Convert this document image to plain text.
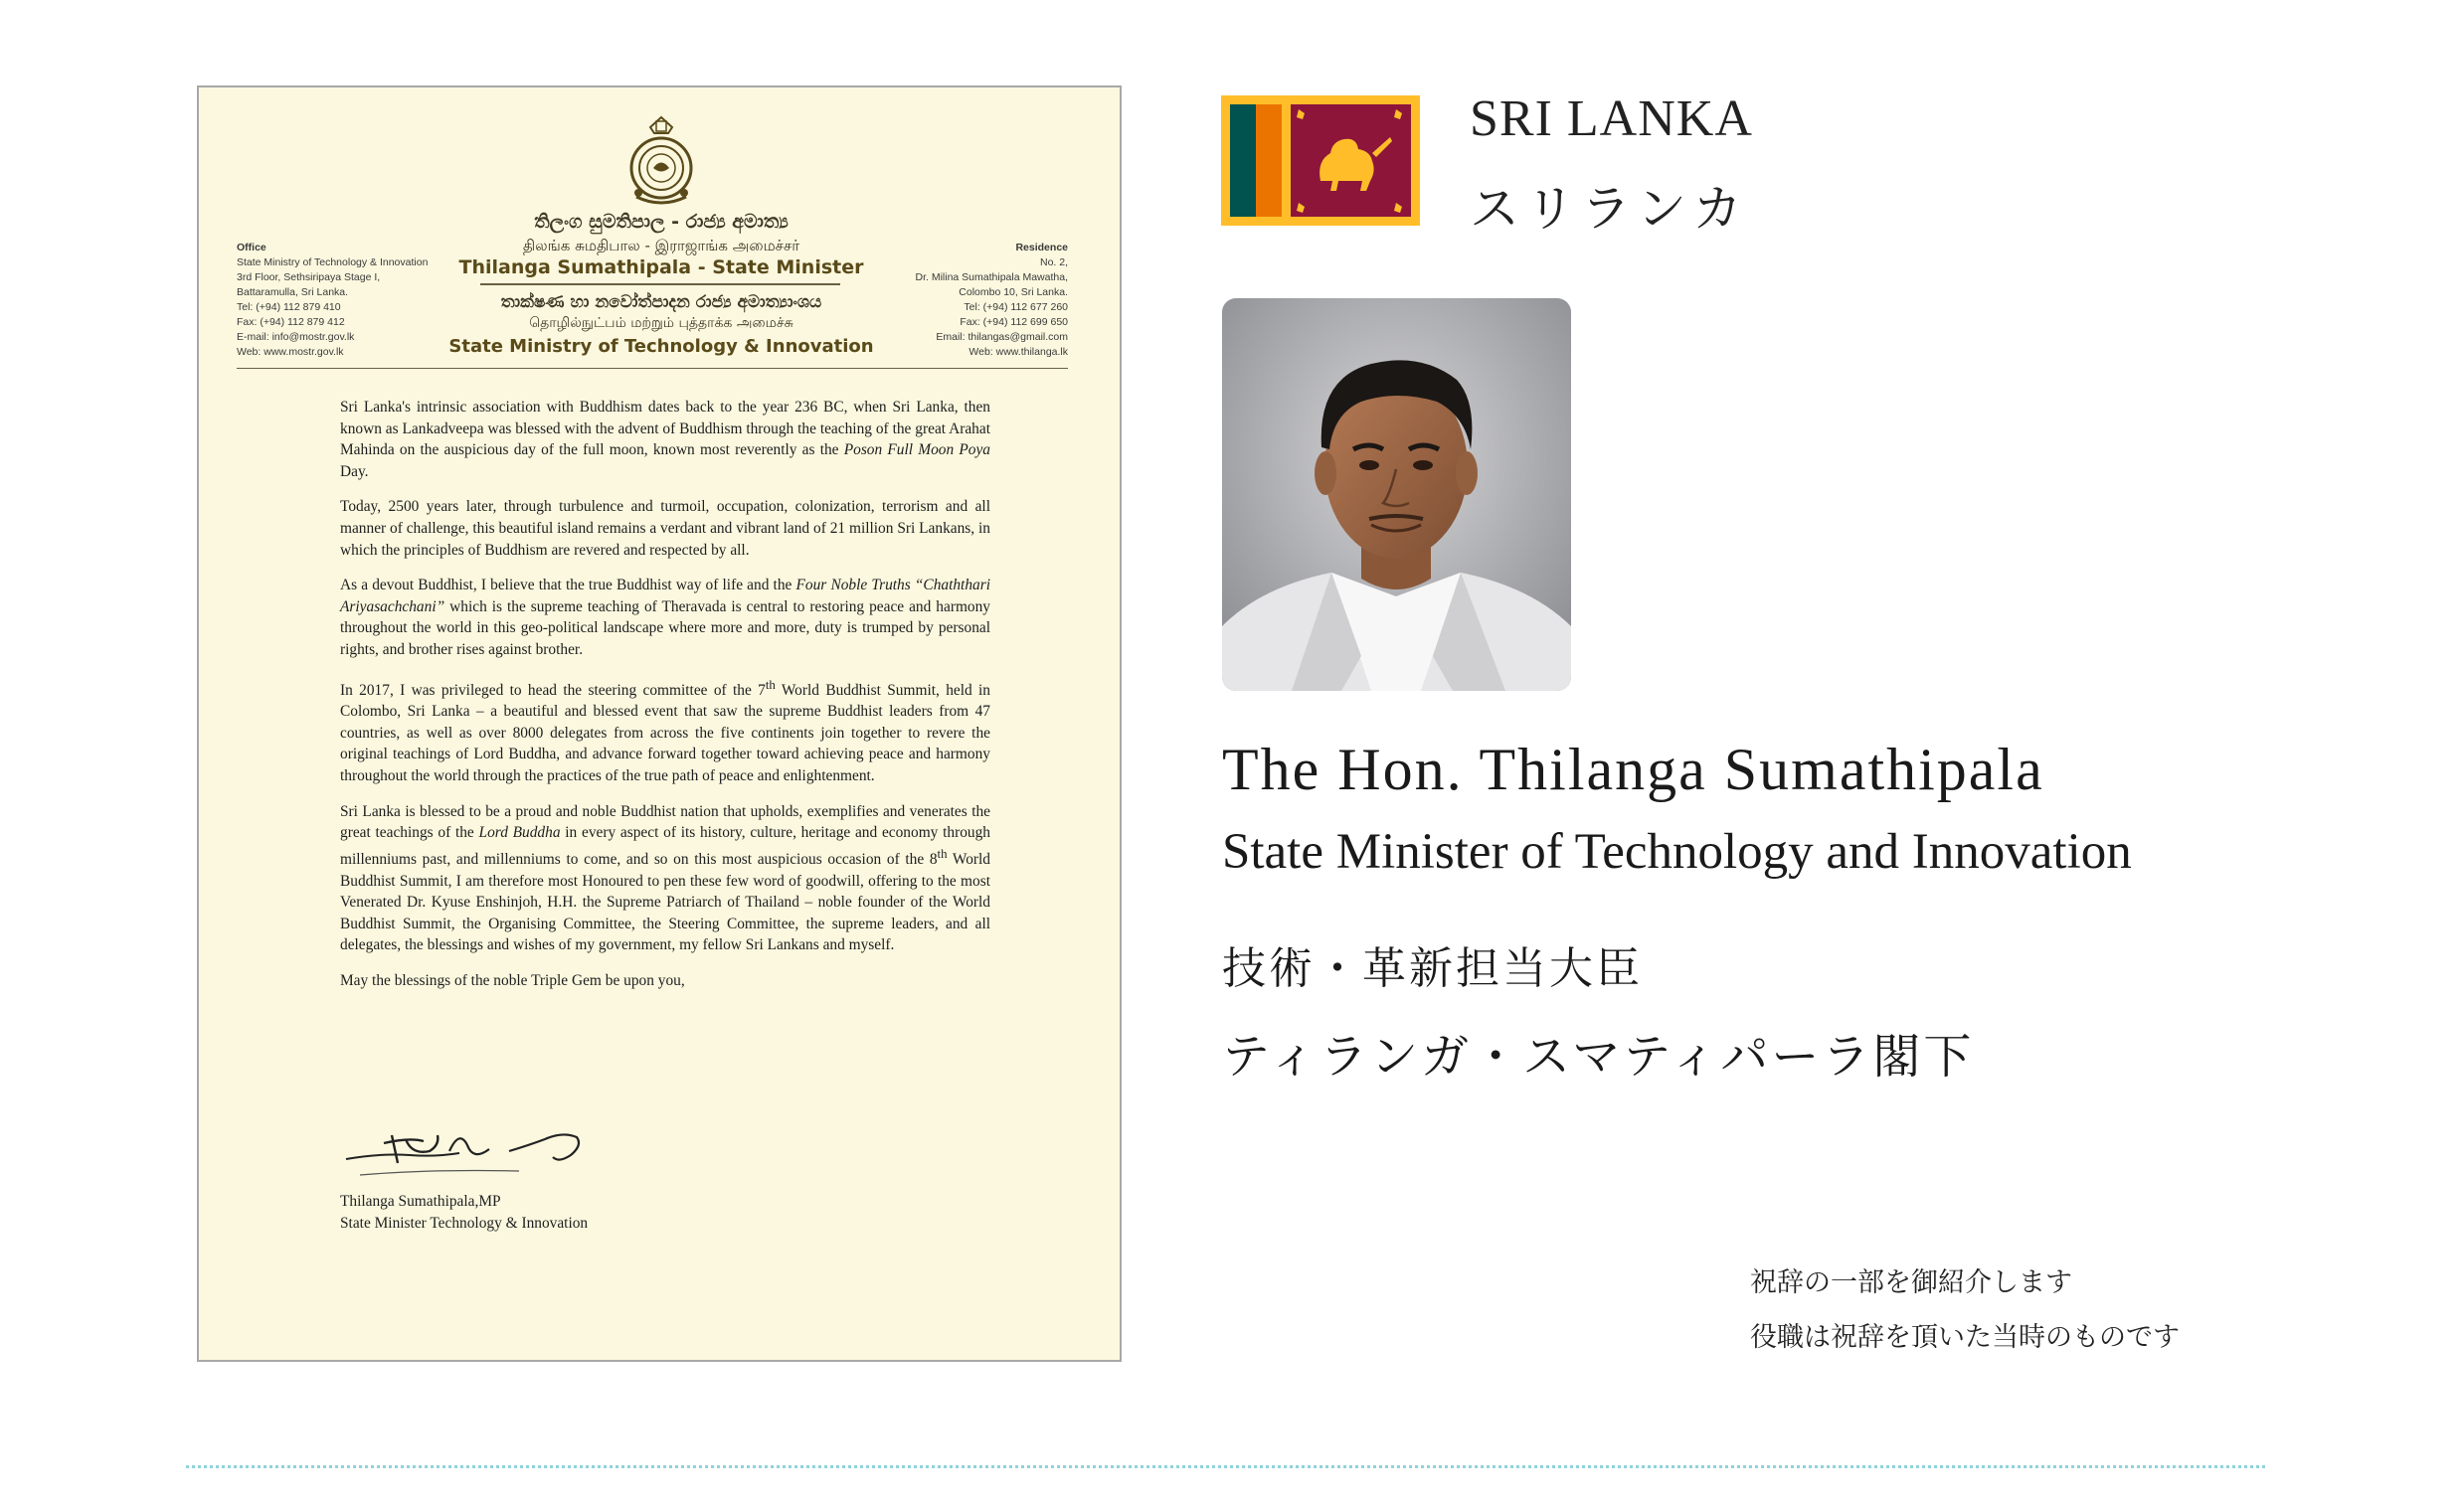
තිලංග සුමතිපාල - රාජ්‍ය අමාත්‍ය
திலங்க சுமதிபால - இராஜாங்க அமைச்சர்
Thilanga Sumathipala - State Minister
තාක්ෂණ හා නවෝත්පාදන රාජ්‍ය අමාත්‍යාංශය
தொழில்நுட்பம் மற்றும் புத்தாக்க அமைச்சு
State Ministry of Technology & Innovation
Office
State Ministry of Technology & Innovation
3rd Floor, Sethsiripaya Stage I,
Battaramulla, Sri Lanka.
Tel: (+94) 112 879 410
Fax: (+94) 112 879 412
E-mail: info@mostr.gov.lk
Web: www.mostr.gov.lk
Residence
No. 2,
Dr. Milina Sumathipala Mawatha,
Colombo 10, Sri Lanka.
Tel: (+94) 112 677 260
Fax: (+94) 112 699 650
Email: thilangas@gmail.com
Web: www.thilanga.lk

Sri Lanka's intrinsic association with Buddhism dates back to the year 236 BC, when Sri Lanka, then known as Lankadveepa was blessed with the advent of Buddhism through the teaching of the great Arahat Mahinda on the auspicious day of the full moon, known most reverently as the Poson Full Moon Poya Day.

Today, 2500 years later, through turbulence and turmoil, occupation, colonization, terrorism and all manner of challenge, this beautiful island remains a verdant and vibrant land of 21 million Sri Lankans, in which the principles of Buddhism are revered and respected by all.

As a devout Buddhist, I believe that the true Buddhist way of life and the Four Noble Truths “Chaththari Ariyasachchani” which is the supreme teaching of Theravada is central to restoring peace and harmony throughout the world in this geo-political landscape where more and more, duty is trumped by personal rights, and brother rises against brother.

In 2017, I was privileged to head the steering committee of the 7th World Buddhist Summit, held in Colombo, Sri Lanka – a beautiful and blessed event that saw the supreme Buddhist leaders from 47 countries, as well as over 8000 delegates from across the five continents join together to revere the original teachings of Lord Buddha, and advance forward together toward achieving peace and harmony throughout the world through the practices of the true path of peace and enlightenment.

Sri Lanka is blessed to be a proud and noble Buddhist nation that upholds, exemplifies and venerates the great teachings of the Lord Buddha in every aspect of its history, culture, heritage and economy through millenniums past, and millenniums to come, and so on this most auspicious occasion of the 8th World Buddhist Summit, I am therefore most Honoured to pen these few word of goodwill, offering to the most Venerated Dr. Kyuse Enshinjoh, H.H. the Supreme Patriarch of Thailand – noble founder of the World Buddhist Summit, the Organising Committee, the Steering Committee, the supreme leaders, and all delegates, the blessings and wishes of my government, my fellow Sri Lankans and myself.

May the blessings of the noble Triple Gem be upon you,

Thilanga Sumathipala,MP
State Minister Technology & Innovation
SRI LANKA
スリランカ
The Hon. Thilanga Sumathipala
State Minister of Technology and Innovation
技術・革新担当大臣
ティランガ・スマティパーラ閣下
祝辞の一部を御紹介します
役職は祝辞を頂いた当時のものです
